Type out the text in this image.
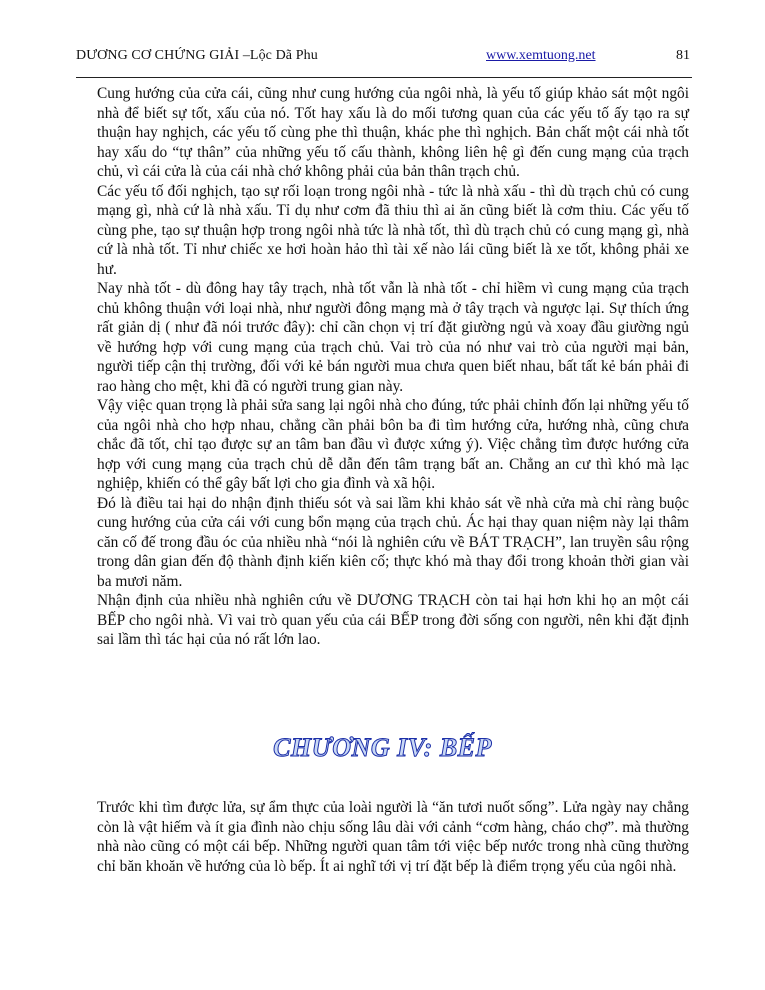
DƯƠNG CƠ CHỨNG GIẢI –Lộc Dã Phu	www.xemtuong.net	81

Cung hướng của cửa cái, cũng như cung hướng của ngôi nhà, là yếu tố giúp khảo sát một ngôi nhà để biết sự tốt, xấu của nó. Tốt hay xấu là do mối tương quan của các yếu tố ấy tạo ra sự thuận hay nghịch, các yếu tố cùng phe thì thuận, khác phe thì nghịch. Bản chất một cái nhà tốt hay xấu do “tự thân” của những yếu tố cấu thành, không liên hệ gì đến cung mạng của trạch chủ, vì cái cửa là của cái nhà chớ không phải của bản thân trạch chủ.

Các yếu tố đối nghịch, tạo sự rối loạn trong ngôi nhà - tức là nhà xấu - thì dù trạch chủ có cung mạng gì, nhà cứ là nhà xấu. Tỉ dụ như cơm đã thiu thì ai ăn cũng biết là cơm thiu. Các yếu tố cùng phe, tạo sự thuận hợp trong ngôi nhà tức là nhà tốt, thì dù trạch chủ có cung mạng gì, nhà cứ là nhà tốt. Tỉ như chiếc xe hơi hoàn hảo thì tài xế nào lái cũng biết là xe tốt, không phải xe hư.

Nay nhà tốt - dù đông hay tây trạch, nhà tốt vẫn là nhà tốt - chỉ hiềm vì cung mạng của trạch chủ không thuận với loại nhà, như người đông mạng mà ở tây trạch và ngược lại. Sự thích ứng rất giản dị ( như đã nói trước đây): chỉ cần chọn vị trí đặt giường ngủ và xoay đầu giường ngủ về hướng hợp với cung mạng của trạch chủ. Vai trò của nó như vai trò của người mại bản, người tiếp cận thị trường, đối với kẻ bán người mua chưa quen biết nhau, bất tất kẻ bán phải đi rao hàng cho mệt, khi đã có người trung gian này.

Vậy việc quan trọng là phải sửa sang lại ngôi nhà cho đúng, tức phải chỉnh đốn lại những yếu tố của ngôi nhà cho hợp nhau, chẳng cần phải bôn ba đi tìm hướng cửa, hướng nhà, cũng chưa chắc đã tốt, chỉ tạo được sự an tâm ban đầu vì được xứng ý). Việc chẳng tìm được hướng cửa hợp với cung mạng của trạch chủ dễ dẫn đến tâm trạng bất an. Chẳng an cư thì khó mà lạc nghiệp, khiến có thể gây bất lợi cho gia đình và xã hội.

Đó là điều tai hại do nhận định thiếu sót và sai lầm khi khảo sát về nhà cửa mà chỉ ràng buộc cung hướng của cửa cái với cung bổn mạng của trạch chủ. Ác hại thay quan niệm này lại thâm căn cố đế trong đầu óc của nhiều nhà “nói là nghiên cứu về BÁT TRẠCH”, lan truyền sâu rộng trong dân gian đến độ thành định kiến kiên cố; thực khó mà thay đổi trong khoản thời gian vài ba mươi năm.

Nhận định của nhiều nhà nghiên cứu về DƯƠNG TRẠCH còn tai hại hơn khi họ an một cái BẾP cho ngôi nhà. Vì vai trò quan yếu của cái BẾP trong đời sống con người, nên khi đặt định sai lầm thì tác hại của nó rất lớn lao.

CHƯƠNG IV: BẾP

Trước khi tìm được lửa, sự ẩm thực của loài người là “ăn tươi nuốt sống”. Lửa ngày nay chẳng còn là vật hiếm và ít gia đình nào chịu sống lâu dài với cảnh “cơm hàng, cháo chợ”. mà thường nhà nào cũng có một cái bếp. Những người quan tâm tới việc bếp nước trong nhà cũng thường chỉ băn khoăn về hướng của lò bếp. Ít ai nghĩ tới vị trí đặt bếp là điểm trọng yếu của ngôi nhà.
